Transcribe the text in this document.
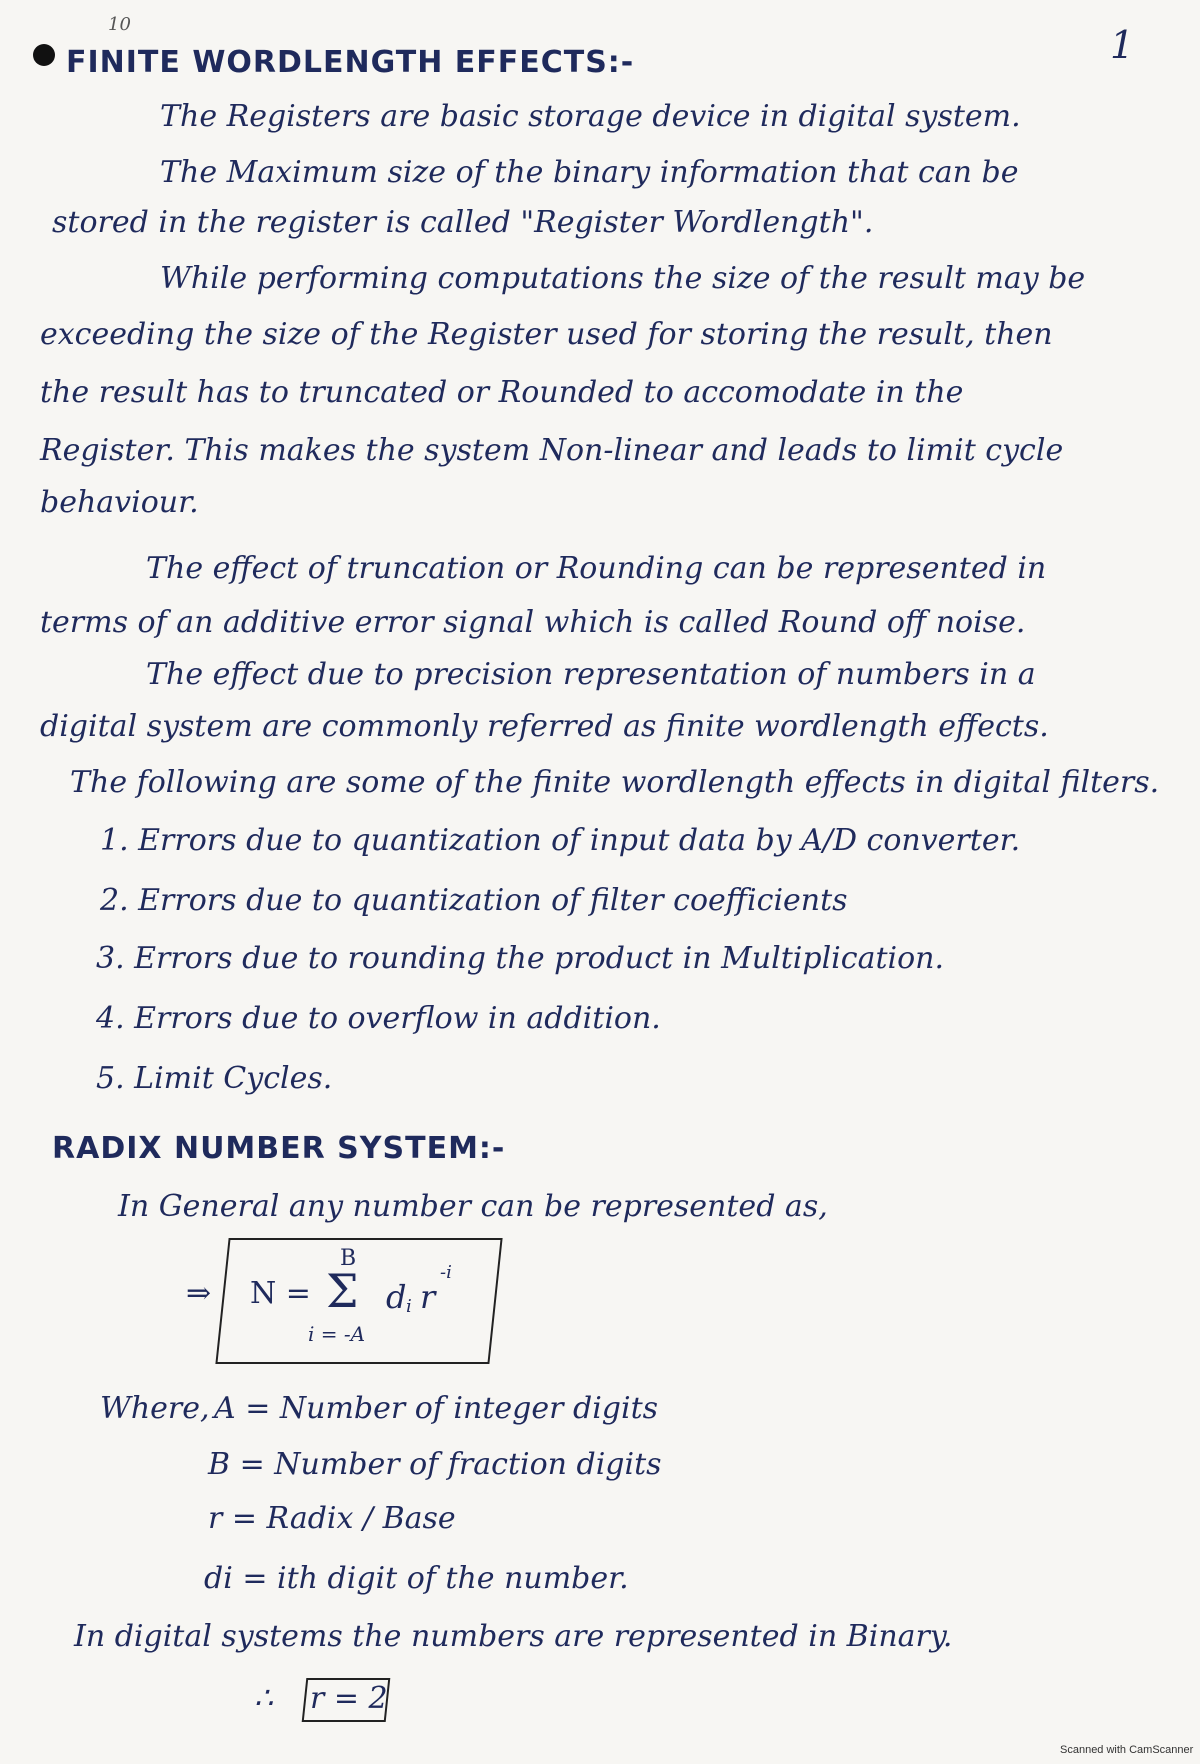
10	1
FINITE WORDLENGTH EFFECTS:-
The Registers are basic storage device in digital system.
The Maximum size of the binary information that can be
stored in the register is called "Register Wordlength".
While performing computations the size of the result may be
exceeding the size of the Register used for storing the result, then
the result has to truncated or Rounded to accomodate in the
Register. This makes the system Non-linear and leads to limit cycle
behaviour.
The effect of truncation or Rounding can be represented in
terms of an additive error signal which is called Round off noise.
The effect due to precision representation of numbers in a
digital system are commonly referred as finite wordlength effects.
The following are some of the finite wordlength effects in digital filters.
1. Errors due to quantization of input data by A/D converter.
2. Errors due to quantization of filter coefficients
3. Errors due to rounding the product in Multiplication.
4. Errors due to overflow in addition.
5. Limit Cycles.
RADIX NUMBER SYSTEM:-
In General any number can be represented as,
⇒ N =
B
Σ
i = -A
d i r
-i
Where, A = Number of integer digits
B = Number of fraction digits
r = Radix / Base
di = ith digit of the number.
In digital systems the numbers are represented in Binary.
∴ r = 2
Scanned with CamScanner
